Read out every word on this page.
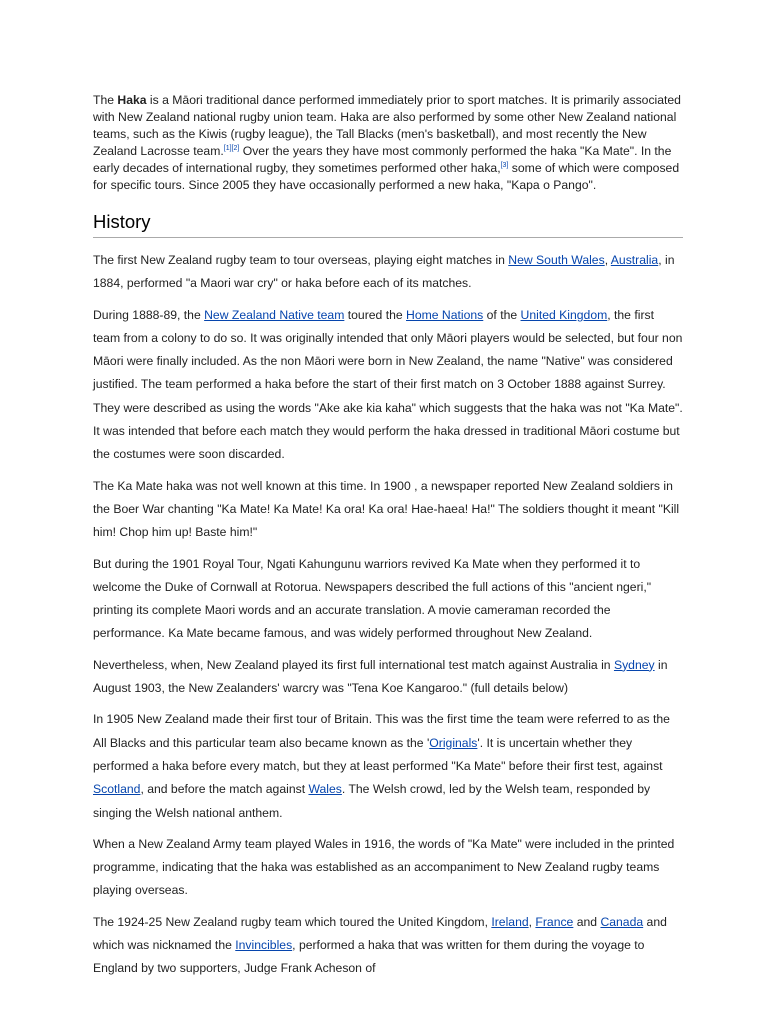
The Haka is a Māori traditional dance performed immediately prior to sport matches. It is primarily associated with New Zealand national rugby union team. Haka are also performed by some other New Zealand national teams, such as the Kiwis (rugby league), the Tall Blacks (men's basketball), and most recently the New Zealand Lacrosse team.[1][2] Over the years they have most commonly performed the haka "Ka Mate". In the early decades of international rugby, they sometimes performed other haka,[3] some of which were composed for specific tours. Since 2005 they have occasionally performed a new haka, "Kapa o Pango".

History

The first New Zealand rugby team to tour overseas, playing eight matches in New South Wales, Australia, in 1884, performed "a Maori war cry" or haka before each of its matches.

During 1888-89, the New Zealand Native team toured the Home Nations of the United Kingdom, the first team from a colony to do so. It was originally intended that only Māori players would be selected, but four non Māori were finally included. As the non Māori were born in New Zealand, the name "Native" was considered justified. The team performed a haka before the start of their first match on 3 October 1888 against Surrey. They were described as using the words "Ake ake kia kaha" which suggests that the haka was not "Ka Mate". It was intended that before each match they would perform the haka dressed in traditional Māori costume but the costumes were soon discarded.

The Ka Mate haka was not well known at this time. In 1900 , a newspaper reported New Zealand soldiers in the Boer War chanting "Ka Mate! Ka Mate! Ka ora! Ka ora! Hae-haea! Ha!" The soldiers thought it meant "Kill him! Chop him up! Baste him!"

But during the 1901 Royal Tour, Ngati Kahungunu warriors revived Ka Mate when they performed it to welcome the Duke of Cornwall at Rotorua. Newspapers described the full actions of this "ancient ngeri," printing its complete Maori words and an accurate translation. A movie cameraman recorded the performance. Ka Mate became famous, and was widely performed throughout New Zealand.

Nevertheless, when, New Zealand played its first full international test match against Australia in Sydney in August 1903, the New Zealanders' warcry was "Tena Koe Kangaroo." (full details below)

In 1905 New Zealand made their first tour of Britain. This was the first time the team were referred to as the All Blacks and this particular team also became known as the 'Originals'. It is uncertain whether they performed a haka before every match, but they at least performed "Ka Mate" before their first test, against Scotland, and before the match against Wales. The Welsh crowd, led by the Welsh team, responded by singing the Welsh national anthem.

When a New Zealand Army team played Wales in 1916, the words of "Ka Mate" were included in the printed programme, indicating that the haka was established as an accompaniment to New Zealand rugby teams playing overseas.

The 1924-25 New Zealand rugby team which toured the United Kingdom, Ireland, France and Canada and which was nicknamed the Invincibles, performed a haka that was written for them during the voyage to England by two supporters, Judge Frank Acheson of
